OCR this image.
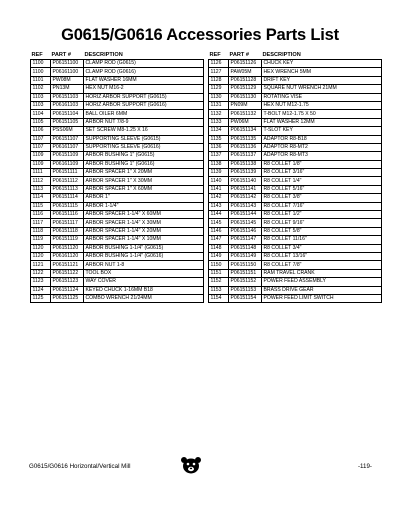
G0615/G0616 Accessories Parts List
REF	PART #	DESCRIPTION
1100	P06151100	CLAMP ROD (G0615)
1100	P06161100	CLAMP ROD (G0616)
1101	PW08M	FLAT WASHER 16MM
1102	PN13M	HEX NUT M16-2
1103	P06151103	HORIZ ARBOR SUPPORT (G0615)
1103	P06161103	HORIZ ARBOR SUPPORT (G0616)
1104	P06151104	BALL OILER 6MM
1105	P06151105	ARBOR NUT 7/8-9
1106	PSS06M	SET SCREW M8-1.25 X 16
1107	P06151107	SUPPORTING SLEEVE (G0615)
1107	P06161107	SUPPORTING SLEEVE (G0616)
1109	P06151109	ARBOR BUSHING 1" (G0615)
1109	P06161109	ARBOR BUSHING 1" (G0616)
1111	P06151111	ARBOR SPACER 1" X 20MM
1112	P06151112	ARBOR SPACER 1" X 30MM
1113	P06151113	ARBOR SPACER 1" X 60MM
1114	P06151114	ARBOR 1"
1115	P06151115	ARBOR 1-1/4"
1116	P06151116	ARBOR SPACER 1-1/4" X 60MM
1117	P06151117	ARBOR SPACER 1-1/4" X 30MM
1118	P06151118	ARBOR SPACER 1-1/4" X 20MM
1119	P06151119	ARBOR SPACER 1-1/4" X 10MM
1120	P06151120	ARBOR BUSHING 1-1/4" (G0615)
1120	P06161120	ARBOR BUSHING 1-1/4" (G0616)
1121	P06151121	ARBOR NUT 1-8
1122	P06151122	TOOL BOX
1123	P06151123	WAY COVER
1124	P06151124	KEYED CHUCK 1-16MM B18
1125	P06151125	COMBO WRENCH 21/24MM
REF	PART #	DESCRIPTION
1126	P06151126	CHUCK KEY
1127	PAW05M	HEX WRENCH 5MM
1128	P06151128	DRIFT KEY
1129	P06151129	SQUARE NUT WRENCH 21MM
1130	P06151130	ROTATING VISE
1131	PN09M	HEX NUT M12-1.75
1132	P06151132	T-BOLT M12-1.75 X 50
1133	PW06M	FLAT WASHER 12MM
1134	P06151134	T-SLOT KEY
1135	P06151135	ADAPTOR R8-B18
1136	P06151136	ADAPTOR R8-MT2
1137	P06151137	ADAPTOR R8-MT3
1138	P06151138	R8 COLLET 1/8"
1139	P06151139	R8 COLLET 3/16"
1140	P06151140	R8 COLLET 1/4"
1141	P06151141	R8 COLLET 5/16"
1142	P06151142	R8 COLLET 3/8"
1143	P06151143	R8 COLLET 7/16"
1144	P06151144	R8 COLLET 1/2"
1145	P06151145	R8 COLLET 9/16"
1146	P06151146	R8 COLLET 5/8"
1147	P06151147	R8 COLLET 11/16"
1148	P06151148	R8 COLLET 3/4"
1149	P06151149	R8 COLLET 13/16"
1150	P06151150	R8 COLLET 7/8"
1151	P06151151	RAM TRAVEL CRANK
1152	P06151152	POWER FEED ASSEMBLY
1153	P06151153	BRASS DRIVE GEAR
1154	P06151154	POWER FEED LIMIT SWITCH
G0615/G0616 Horizontal/Vertical Mill	-119-
